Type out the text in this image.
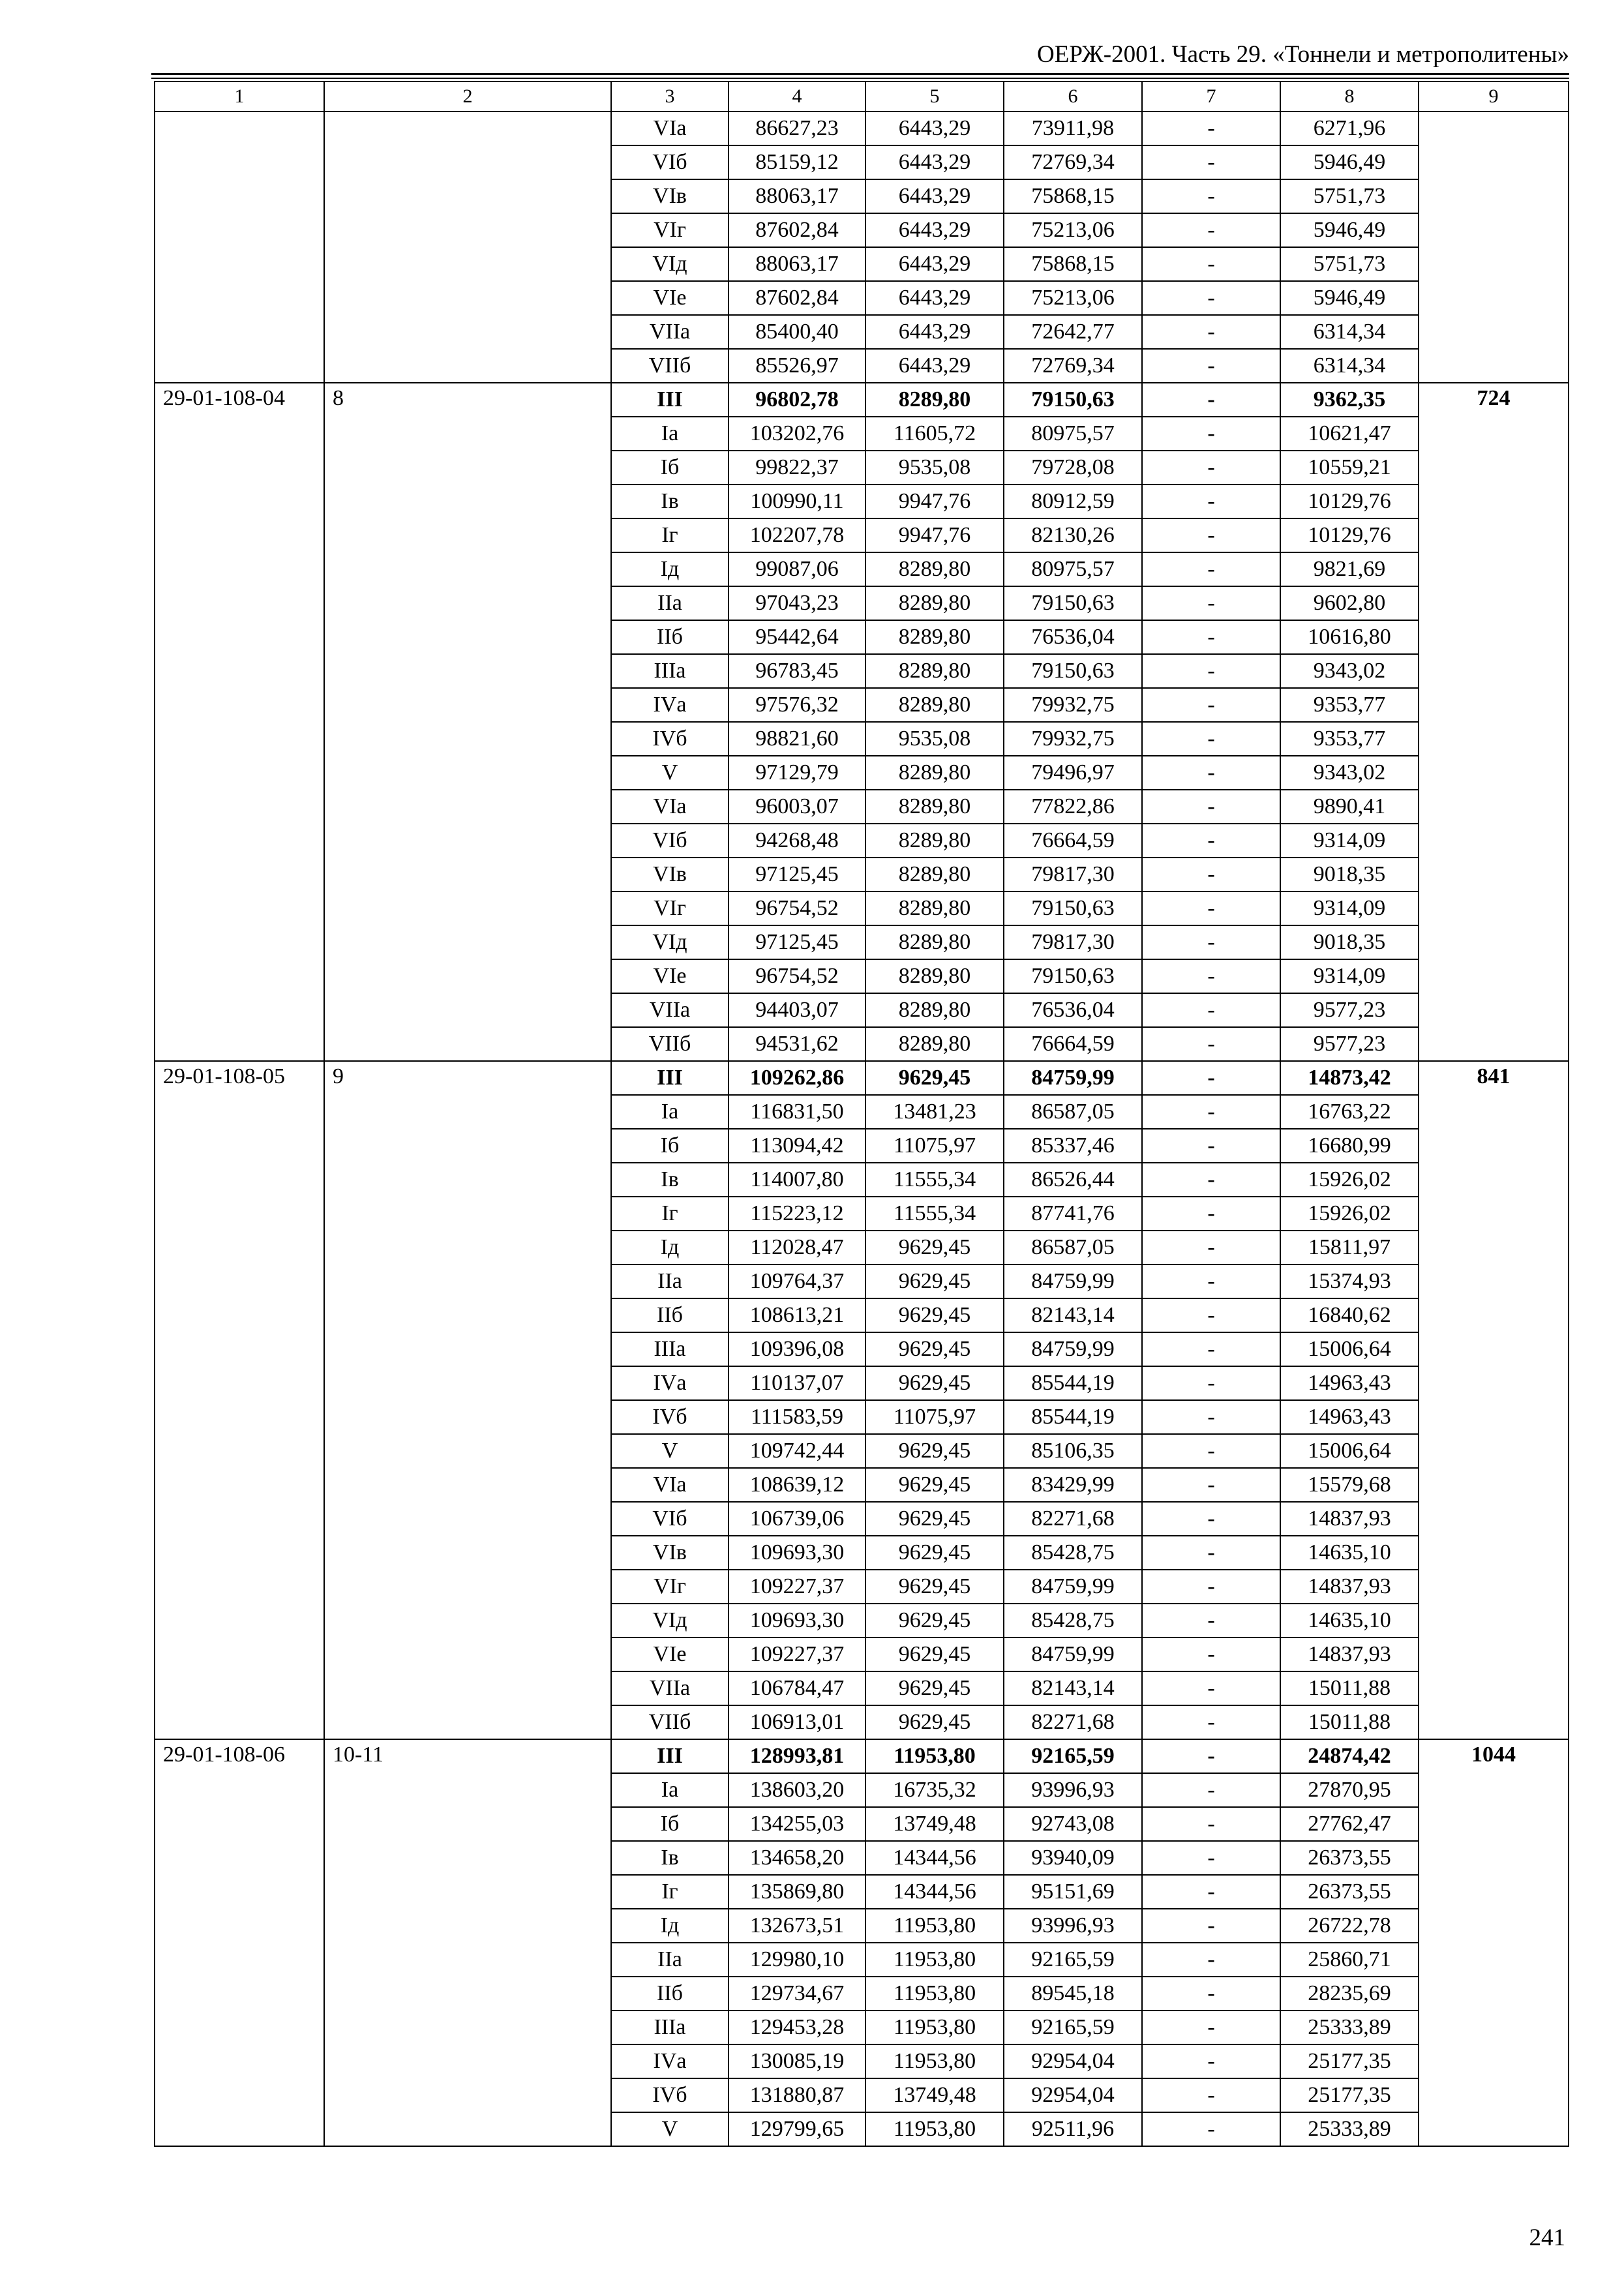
ОЕРЖ-2001. Часть 29. «Тоннели и метрополитены»
1	2	3	4	5	6	7	8	9
		VIа	86627,23	6443,29	73911,98	-	6271,96	
		VIб	85159,12	6443,29	72769,34	-	5946,49	
		VIв	88063,17	6443,29	75868,15	-	5751,73	
		VIг	87602,84	6443,29	75213,06	-	5946,49	
		VIд	88063,17	6443,29	75868,15	-	5751,73	
		VIе	87602,84	6443,29	75213,06	-	5946,49	
		VIIа	85400,40	6443,29	72642,77	-	6314,34	
		VIIб	85526,97	6443,29	72769,34	-	6314,34	
29-01-108-04	8	III	96802,78	8289,80	79150,63	-	9362,35	724
		Iа	103202,76	11605,72	80975,57	-	10621,47	
		Iб	99822,37	9535,08	79728,08	-	10559,21	
		Iв	100990,11	9947,76	80912,59	-	10129,76	
		Iг	102207,78	9947,76	82130,26	-	10129,76	
		Iд	99087,06	8289,80	80975,57	-	9821,69	
		IIа	97043,23	8289,80	79150,63	-	9602,80	
		IIб	95442,64	8289,80	76536,04	-	10616,80	
		IIIа	96783,45	8289,80	79150,63	-	9343,02	
		IVа	97576,32	8289,80	79932,75	-	9353,77	
		IVб	98821,60	9535,08	79932,75	-	9353,77	
		V	97129,79	8289,80	79496,97	-	9343,02	
		VIа	96003,07	8289,80	77822,86	-	9890,41	
		VIб	94268,48	8289,80	76664,59	-	9314,09	
		VIв	97125,45	8289,80	79817,30	-	9018,35	
		VIг	96754,52	8289,80	79150,63	-	9314,09	
		VIд	97125,45	8289,80	79817,30	-	9018,35	
		VIе	96754,52	8289,80	79150,63	-	9314,09	
		VIIа	94403,07	8289,80	76536,04	-	9577,23	
		VIIб	94531,62	8289,80	76664,59	-	9577,23	
29-01-108-05	9	III	109262,86	9629,45	84759,99	-	14873,42	841
		Iа	116831,50	13481,23	86587,05	-	16763,22	
		Iб	113094,42	11075,97	85337,46	-	16680,99	
		Iв	114007,80	11555,34	86526,44	-	15926,02	
		Iг	115223,12	11555,34	87741,76	-	15926,02	
		Iд	112028,47	9629,45	86587,05	-	15811,97	
		IIа	109764,37	9629,45	84759,99	-	15374,93	
		IIб	108613,21	9629,45	82143,14	-	16840,62	
		IIIа	109396,08	9629,45	84759,99	-	15006,64	
		IVа	110137,07	9629,45	85544,19	-	14963,43	
		IVб	111583,59	11075,97	85544,19	-	14963,43	
		V	109742,44	9629,45	85106,35	-	15006,64	
		VIа	108639,12	9629,45	83429,99	-	15579,68	
		VIб	106739,06	9629,45	82271,68	-	14837,93	
		VIв	109693,30	9629,45	85428,75	-	14635,10	
		VIг	109227,37	9629,45	84759,99	-	14837,93	
		VIд	109693,30	9629,45	85428,75	-	14635,10	
		VIе	109227,37	9629,45	84759,99	-	14837,93	
		VIIа	106784,47	9629,45	82143,14	-	15011,88	
		VIIб	106913,01	9629,45	82271,68	-	15011,88	
29-01-108-06	10-11	III	128993,81	11953,80	92165,59	-	24874,42	1044
		Iа	138603,20	16735,32	93996,93	-	27870,95	
		Iб	134255,03	13749,48	92743,08	-	27762,47	
		Iв	134658,20	14344,56	93940,09	-	26373,55	
		Iг	135869,80	14344,56	95151,69	-	26373,55	
		Iд	132673,51	11953,80	93996,93	-	26722,78	
		IIа	129980,10	11953,80	92165,59	-	25860,71	
		IIб	129734,67	11953,80	89545,18	-	28235,69	
		IIIа	129453,28	11953,80	92165,59	-	25333,89	
		IVа	130085,19	11953,80	92954,04	-	25177,35	
		IVб	131880,87	13749,48	92954,04	-	25177,35	
		V	129799,65	11953,80	92511,96	-	25333,89	
241
